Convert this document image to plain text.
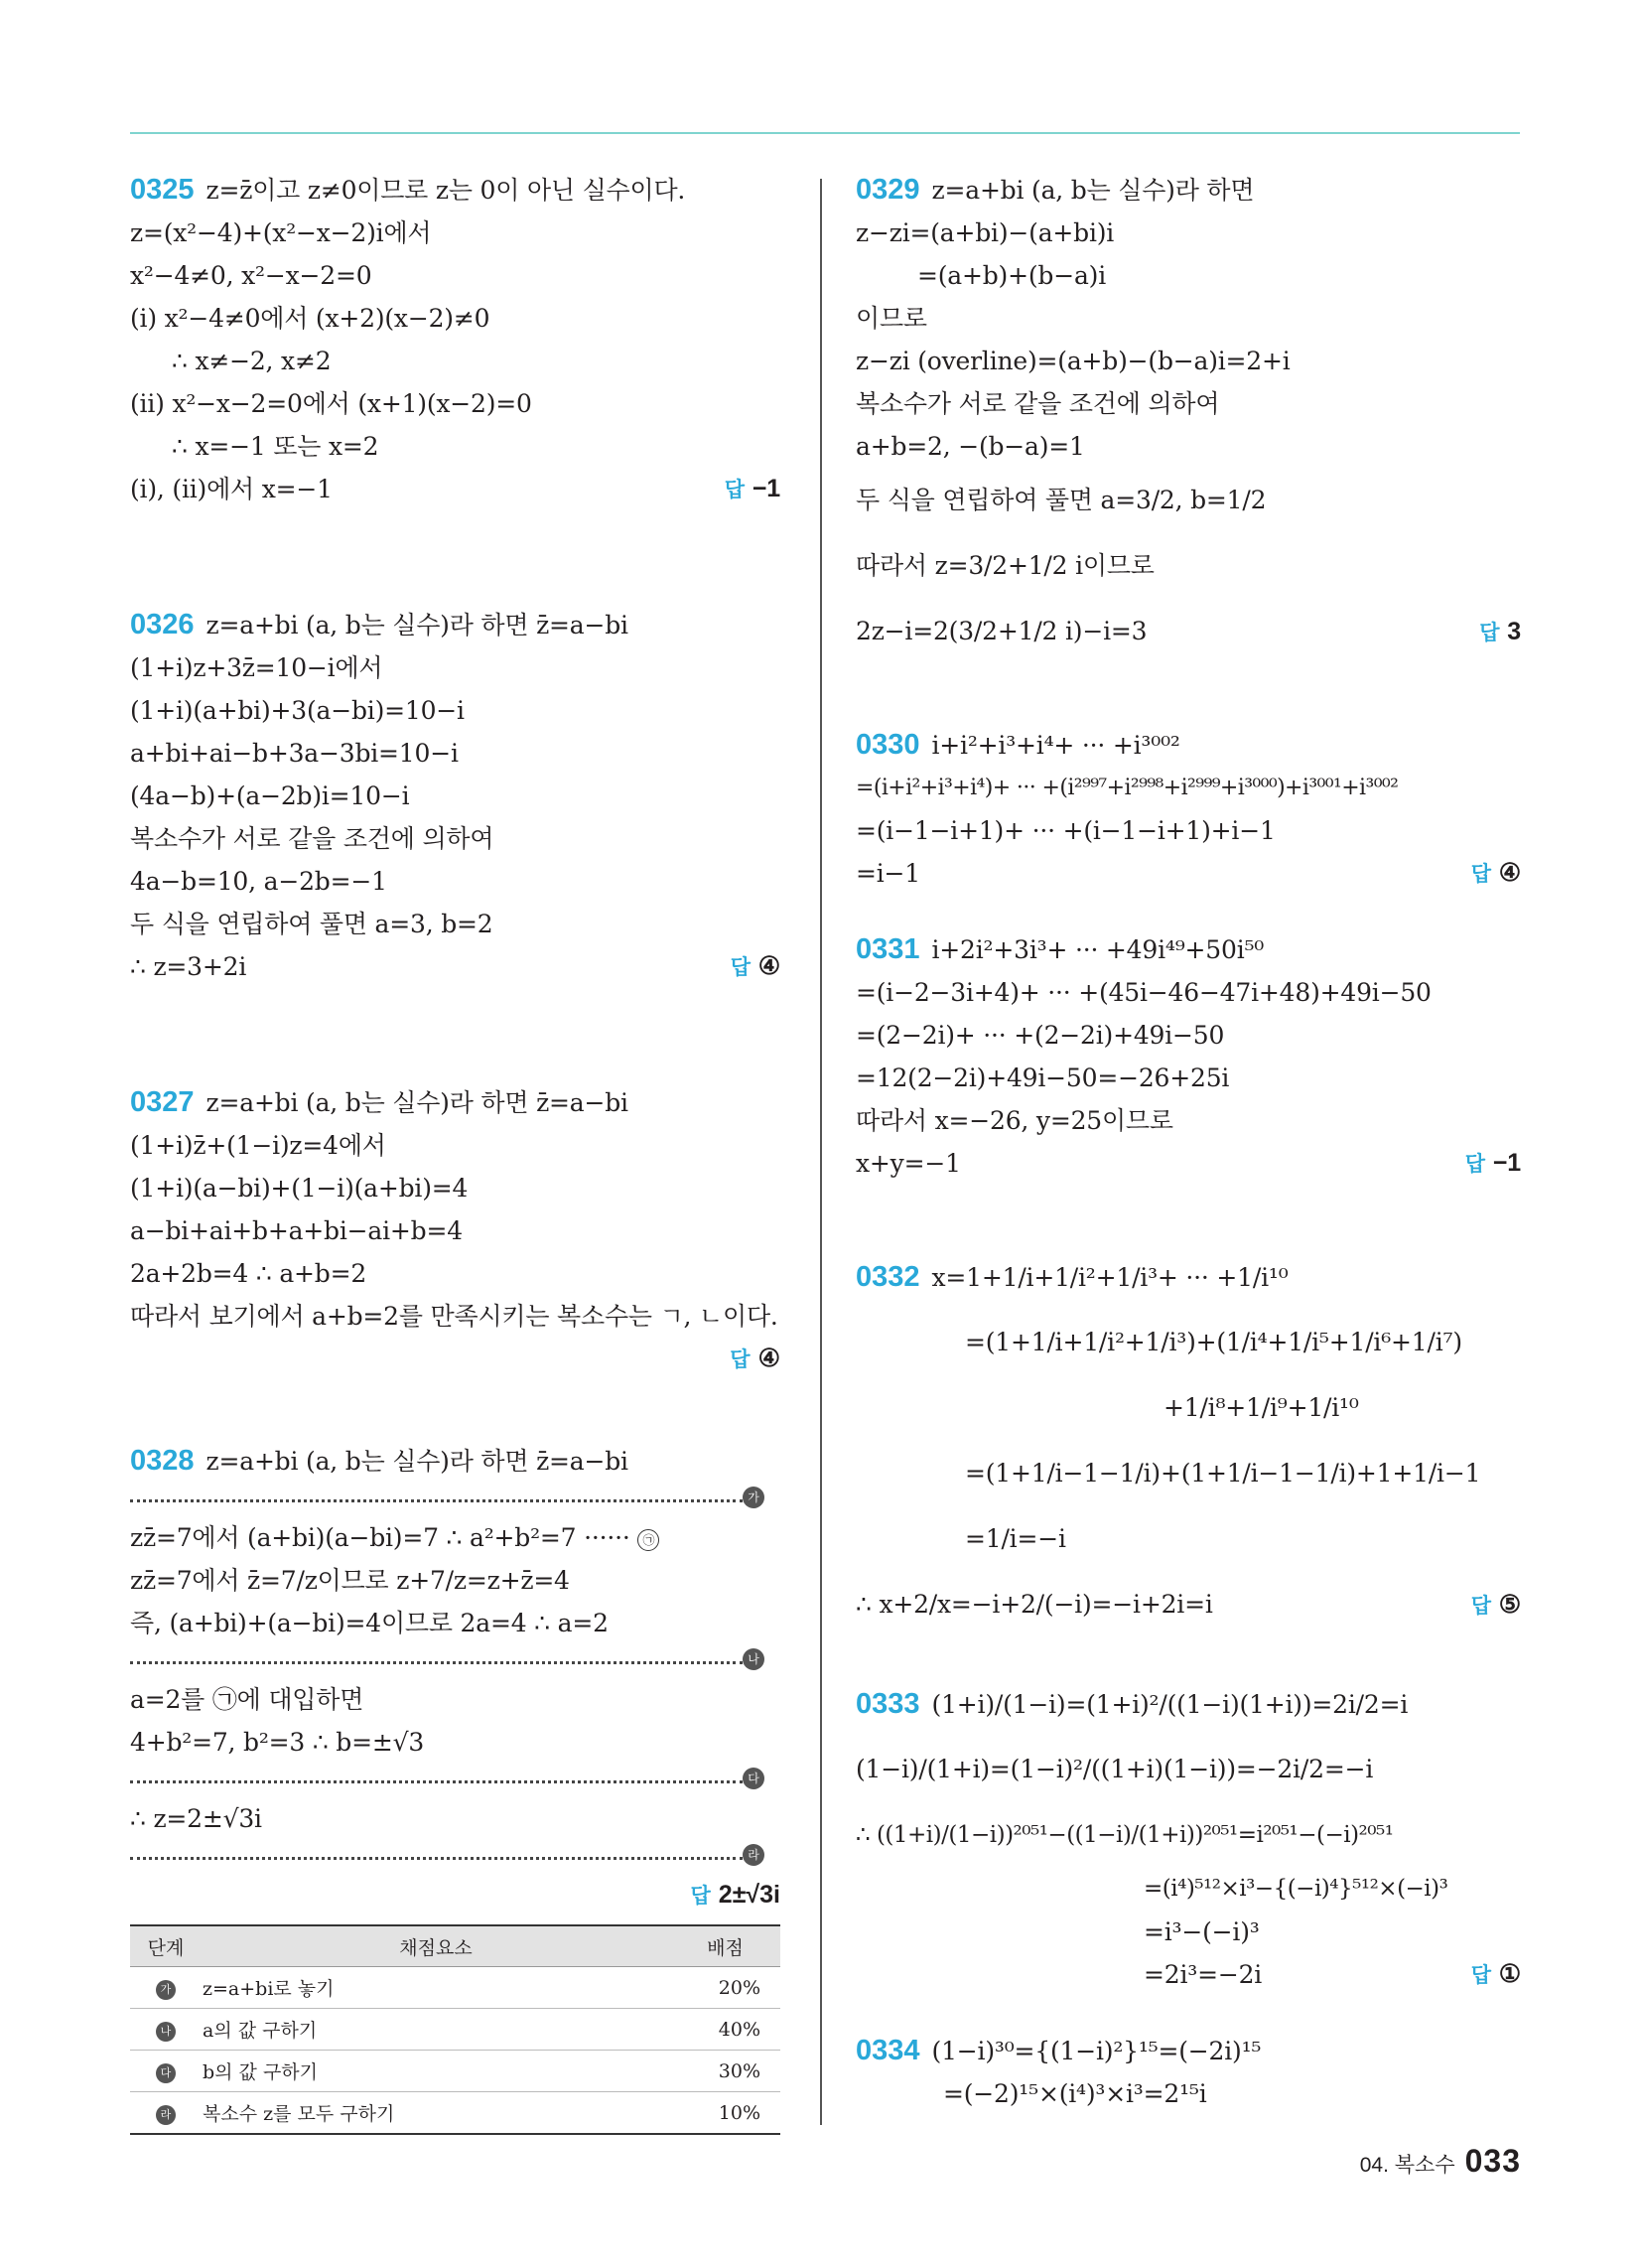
0325 z=z̄이고 z≠0이므로 z는 0이 아닌 실수이다.
z=(x²−4)+(x²−x−2)i에서
x²−4≠0, x²−x−2=0
(i) x²−4≠0에서 (x+2)(x−2)≠0
∴ x≠−2, x≠2
(ii) x²−x−2=0에서 (x+1)(x−2)=0
∴ x=−1 또는 x=2
(i), (ii)에서 x=−1	답 −1
0326 z=a+bi (a, b는 실수)라 하면 z̄=a−bi
(1+i)z+3z̄=10−i에서
(1+i)(a+bi)+3(a−bi)=10−i
a+bi+ai−b+3a−3bi=10−i
(4a−b)+(a−2b)i=10−i
복소수가 서로 같을 조건에 의하여
4a−b=10, a−2b=−1
두 식을 연립하여 풀면 a=3, b=2
∴ z=3+2i	답 ④
0327 z=a+bi (a, b는 실수)라 하면 z̄=a−bi
(1+i)z̄+(1−i)z=4에서
(1+i)(a−bi)+(1−i)(a+bi)=4
a−bi+ai+b+a+bi−ai+b=4
2a+2b=4 ∴ a+b=2
따라서 보기에서 a+b=2를 만족시키는 복소수는 ㄱ, ㄴ이다.
답 ④
0328 z=a+bi (a, b는 실수)라 하면 z̄=a−bi
가
zz̄=7에서 (a+bi)(a−bi)=7 ∴ a²+b²=7 ······ ㉠
zz̄=7에서 z̄=7/z이므로 z+7/z=z+z̄=4
즉, (a+bi)+(a−bi)=4이므로 2a=4 ∴ a=2
나
a=2를 ㉠에 대입하면
4+b²=7, b²=3 ∴ b=±√3
다
∴ z=2±√3i
라
답 2±√3i
단계	채점요소	배점
가	z=a+bi로 놓기	20%
나	a의 값 구하기	40%
다	b의 값 구하기	30%
라	복소수 z를 모두 구하기	10%
0329 z=a+bi (a, b는 실수)라 하면
z−zi=(a+bi)−(a+bi)i
=(a+b)+(b−a)i
이므로
z−zi (overline)=(a+b)−(b−a)i=2+i
복소수가 서로 같을 조건에 의하여
a+b=2, −(b−a)=1
두 식을 연립하여 풀면 a=3/2, b=1/2
따라서 z=3/2+1/2 i이므로
2z−i=2(3/2+1/2 i)−i=3	답 3
0330 i+i²+i³+i⁴+ ··· +i³⁰⁰²
=(i+i²+i³+i⁴)+ ··· +(i²⁹⁹⁷+i²⁹⁹⁸+i²⁹⁹⁹+i³⁰⁰⁰)+i³⁰⁰¹+i³⁰⁰²
=(i−1−i+1)+ ··· +(i−1−i+1)+i−1
=i−1	답 ④
0331 i+2i²+3i³+ ··· +49i⁴⁹+50i⁵⁰
=(i−2−3i+4)+ ··· +(45i−46−47i+48)+49i−50
=(2−2i)+ ··· +(2−2i)+49i−50
=12(2−2i)+49i−50=−26+25i
따라서 x=−26, y=25이므로
x+y=−1	답 −1
0332 x=1+1/i+1/i²+1/i³+ ··· +1/i¹⁰
=(1+1/i+1/i²+1/i³)+(1/i⁴+1/i⁵+1/i⁶+1/i⁷)
+1/i⁸+1/i⁹+1/i¹⁰
=(1+1/i−1−1/i)+(1+1/i−1−1/i)+1+1/i−1
=1/i=−i
∴ x+2/x=−i+2/(−i)=−i+2i=i	답 ⑤
0333 (1+i)/(1−i)=(1+i)²/((1−i)(1+i))=2i/2=i
(1−i)/(1+i)=(1−i)²/((1+i)(1−i))=−2i/2=−i
∴ ((1+i)/(1−i))²⁰⁵¹−((1−i)/(1+i))²⁰⁵¹=i²⁰⁵¹−(−i)²⁰⁵¹
=(i⁴)⁵¹²×i³−{(−i)⁴}⁵¹²×(−i)³
=i³−(−i)³
=2i³=−2i	답 ①
0334 (1−i)³⁰={(1−i)²}¹⁵=(−2i)¹⁵
=(−2)¹⁵×(i⁴)³×i³=2¹⁵i
04. 복소수 033
